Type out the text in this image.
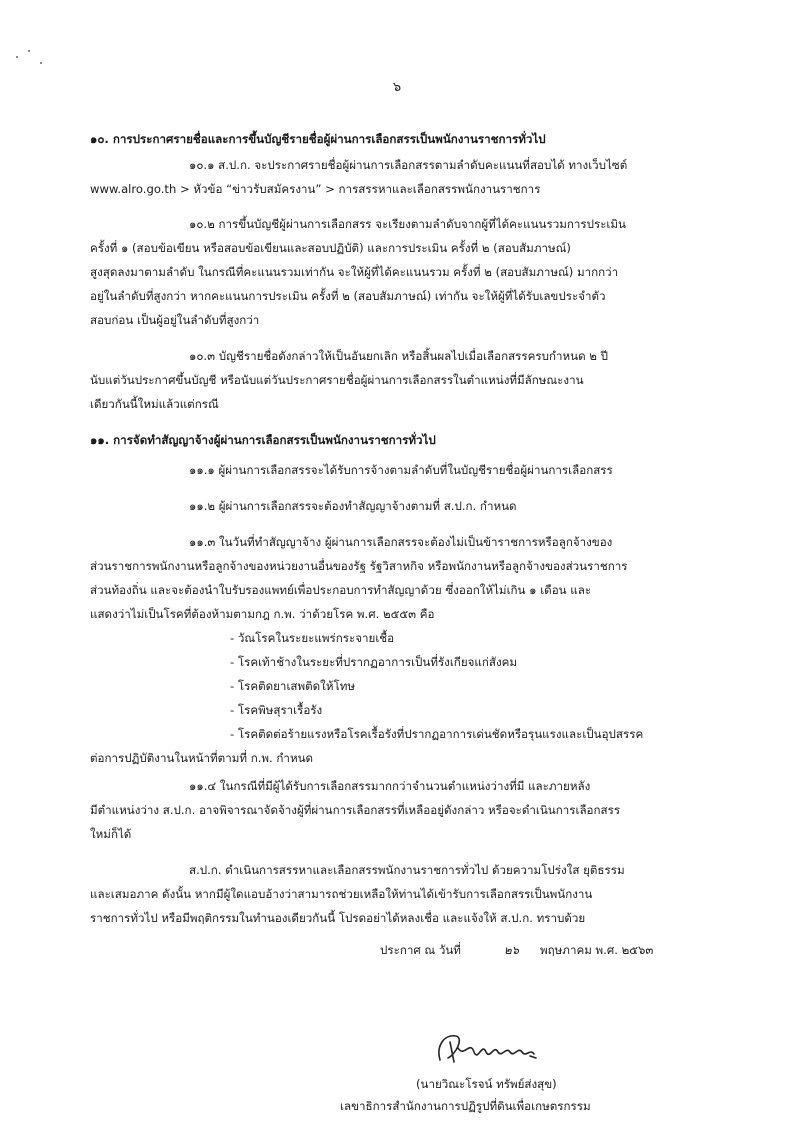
๖
๑๐. การประกาศรายชื่อและการขึ้นบัญชีรายชื่อผู้ผ่านการเลือกสรรเป็นพนักงานราชการทั่วไป
๑๐.๑ ส.ป.ก. จะประกาศรายชื่อผู้ผ่านการเลือกสรรตามลำดับคะแนนที่สอบได้ ทางเว็บไซต์
www.alro.go.th > หัวข้อ “ข่าวรับสมัครงาน” > การสรรหาและเลือกสรรพนักงานราชการ
๑๐.๒ การขึ้นบัญชีผู้ผ่านการเลือกสรร จะเรียงตามลำดับจากผู้ที่ได้คะแนนรวมการประเมิน
ครั้งที่ ๑ (สอบข้อเขียน หรือสอบข้อเขียนและสอบปฏิบัติ) และการประเมิน ครั้งที่ ๒ (สอบสัมภาษณ์)
สูงสุดลงมาตามลำดับ ในกรณีที่คะแนนรวมเท่ากัน จะให้ผู้ที่ได้คะแนนรวม ครั้งที่ ๒ (สอบสัมภาษณ์) มากกว่า
อยู่ในลำดับที่สูงกว่า หากคะแนนการประเมิน ครั้งที่ ๒ (สอบสัมภาษณ์) เท่ากัน จะให้ผู้ที่ได้รับเลขประจำตัว
สอบก่อน เป็นผู้อยู่ในลำดับที่สูงกว่า
๑๐.๓ บัญชีรายชื่อดังกล่าวให้เป็นอันยกเลิก หรือสิ้นผลไปเมื่อเลือกสรรครบกำหนด ๒ ปี
นับแต่วันประกาศขึ้นบัญชี หรือนับแต่วันประกาศรายชื่อผู้ผ่านการเลือกสรรในตำแหน่งที่มีลักษณะงาน
เดียวกันนี้ใหม่แล้วแต่กรณี
๑๑. การจัดทำสัญญาจ้างผู้ผ่านการเลือกสรรเป็นพนักงานราชการทั่วไป
๑๑.๑ ผู้ผ่านการเลือกสรรจะได้รับการจ้างตามลำดับที่ในบัญชีรายชื่อผู้ผ่านการเลือกสรร
๑๑.๒ ผู้ผ่านการเลือกสรรจะต้องทำสัญญาจ้างตามที่ ส.ป.ก. กำหนด
๑๑.๓ ในวันที่ทำสัญญาจ้าง ผู้ผ่านการเลือกสรรจะต้องไม่เป็นข้าราชการหรือลูกจ้างของ
ส่วนราชการพนักงานหรือลูกจ้างของหน่วยงานอื่นของรัฐ รัฐวิสาหกิจ หรือพนักงานหรือลูกจ้างของส่วนราชการ
ส่วนท้องถิ่น และจะต้องนำใบรับรองแพทย์เพื่อประกอบการทำสัญญาด้วย ซึ่งออกให้ไม่เกิน ๑ เดือน และ
แสดงว่าไม่เป็นโรคที่ต้องห้ามตามกฎ ก.พ. ว่าด้วยโรค พ.ศ. ๒๕๕๓ คือ
- วัณโรคในระยะแพร่กระจายเชื้อ
- โรคเท้าช้างในระยะที่ปรากฏอาการเป็นที่รังเกียจแก่สังคม
- โรคติดยาเสพติดให้โทษ
- โรคพิษสุราเรื้อรัง
- โรคติดต่อร้ายแรงหรือโรคเรื้อรังที่ปรากฏอาการเด่นชัดหรือรุนแรงและเป็นอุปสรรค
ต่อการปฏิบัติงานในหน้าที่ตามที่ ก.พ. กำหนด
๑๑.๔ ในกรณีที่มีผู้ได้รับการเลือกสรรมากกว่าจำนวนตำแหน่งว่างที่มี และภายหลัง
มีตำแหน่งว่าง ส.ป.ก. อาจพิจารณาจัดจ้างผู้ที่ผ่านการเลือกสรรที่เหลืออยู่ดังกล่าว หรือจะดำเนินการเลือกสรร
ใหม่ก็ได้
ส.ป.ก. ดำเนินการสรรหาและเลือกสรรพนักงานราชการทั่วไป ด้วยความโปร่งใส ยุติธรรม
และเสมอภาค ดังนั้น หากมีผู้ใดแอบอ้างว่าสามารถช่วยเหลือให้ท่านได้เข้ารับการเลือกสรรเป็นพนักงาน
ราชการทั่วไป หรือมีพฤติกรรมในทำนองเดียวกันนี้ โปรดอย่าได้หลงเชื่อ และแจ้งให้ ส.ป.ก. ทราบด้วย
ประกาศ ณ วันที่	๒๖ พฤษภาคม พ.ศ. ๒๕๖๓
(นายวิณะโรจน์ ทรัพย์ส่งสุข)
เลขาธิการสำนักงานการปฏิรูปที่ดินเพื่อเกษตรกรรม
